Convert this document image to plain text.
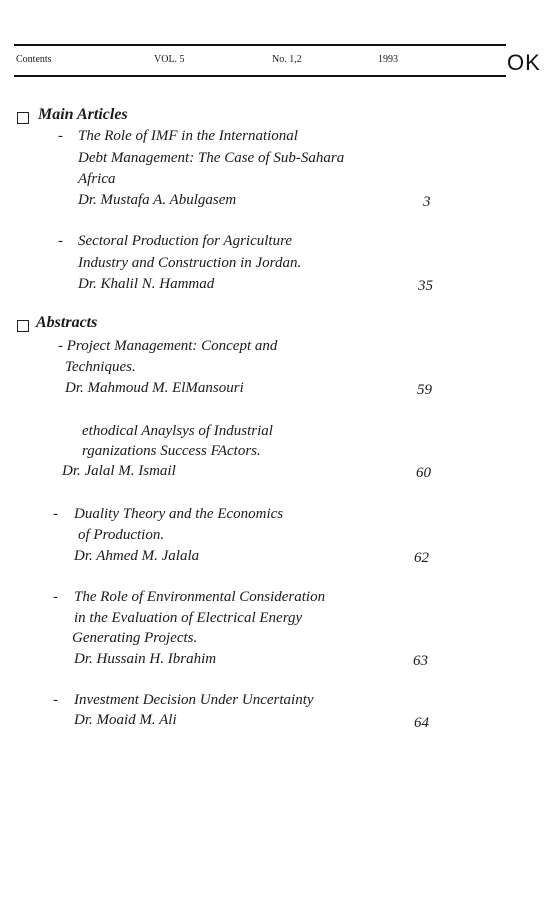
Contents	VOL. 5	No. 1,2	1993	OK
Main Articles
- The Role of IMF in the International
Debt Management: The Case of Sub-Sahara
Africa
Dr. Mustafa A. Abulgasem	3
- Sectoral Production for Agriculture
Industry and Construction in Jordan.
Dr. Khalil N. Hammad	35
Abstracts
- Project Management: Concept and
Techniques.
Dr. Mahmoud M. ElMansouri	59
ethodical Anaylsys of Industrial
rganizations Success FActors.
Dr. Jalal M. Ismail	60
- Duality Theory and the Economics
of Production.
Dr. Ahmed M. Jalala	62
- The Role of Environmental Consideration
in the Evaluation of Electrical Energy
Generating Projects.
Dr. Hussain H. Ibrahim	63
- Investment Decision Under Uncertainty
Dr. Moaid M. Ali	64
